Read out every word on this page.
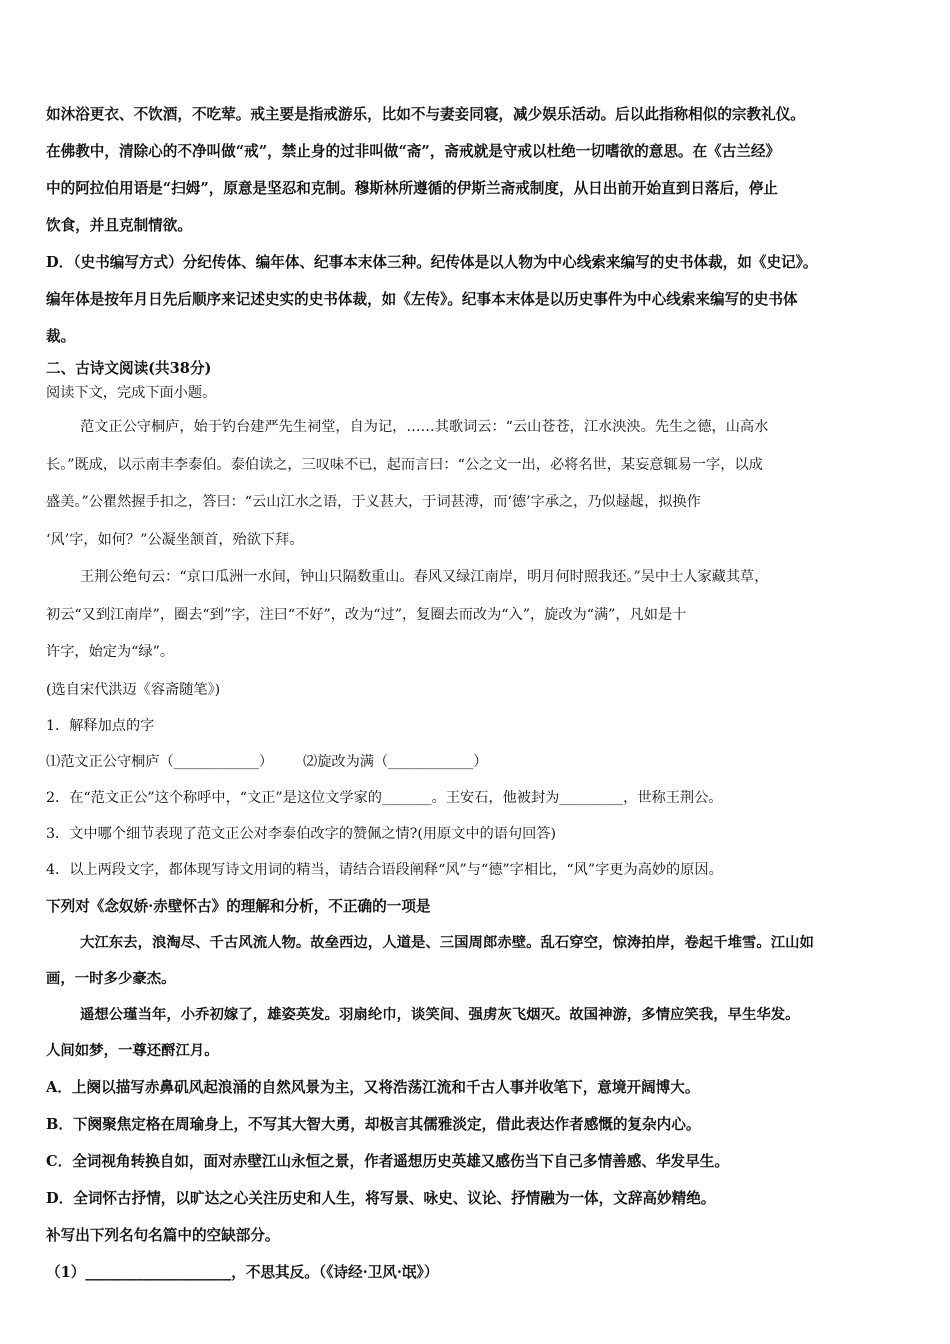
如沐浴更衣、不饮酒，不吃荤。戒主要是指戒游乐，比如不与妻妾同寝，减少娱乐活动。后以此指称相似的宗教礼仪。
在佛教中，清除心的不净叫做“戒”，禁止身的过非叫做“斋”，斋戒就是守戒以杜绝一切嗜欲的意思。在《古兰经》
中的阿拉伯用语是“扫姆”，原意是坚忍和克制。穆斯林所遵循的伊斯兰斋戒制度，从日出前开始直到日落后，停止
饮食，并且克制情欲。
D．（史书编写方式）分纪传体、编年体、纪事本末体三种。纪传体是以人物为中心线索来编写的史书体裁，如《史记》。
编年体是按年月日先后顺序来记述史实的史书体裁，如《左传》。纪事本末体是以历史事件为中心线索来编写的史书体
裁。
二、古诗文阅读(共38分)
阅读下文，完成下面小题。
范文正公守桐庐，始于钓台建严先生祠堂，自为记，……其歌词云：“云山苍苍，江水泱泱。先生之德，山高水
长。”既成，以示南丰李泰伯。泰伯读之，三叹味不已，起而言曰：“公之文一出，必将名世，某妄意辄易一字，以成
盛美。”公瞿然握手扣之，答曰：“云山江水之语，于义甚大，于词甚溥，而‘德’字承之，乃似趢趗，拟换作
‘风’字，如何？”公凝坐颔首，殆欲下拜。
王荆公绝句云：“京口瓜洲一水间，钟山只隔数重山。春风又绿江南岸，明月何时照我还。”吴中士人家藏其草，
初云“又到江南岸”，圈去“到”字，注曰“不好”，改为“过”，复圈去而改为“入”，旋改为“满”，凡如是十
许字，始定为“绿”。
(选自宋代洪迈《容斋随笔》)
1．解释加点的字
⑴范文正公守桐庐（____________） ⑵旋改为满（____________）
2．在“范文正公”这个称呼中，“文正”是这位文学家的_______。王安石，他被封为_________，世称王荆公。
3．文中哪个细节表现了范文正公对李泰伯改字的赞佩之情?(用原文中的语句回答)
4．以上两段文字，都体现写诗文用词的精当，请结合语段阐释“风”与“德”字相比，“风”字更为高妙的原因。
下列对《念奴娇·赤壁怀古》的理解和分析，不正确的一项是
大江东去，浪淘尽、千古风流人物。故垒西边，人道是、三国周郎赤壁。乱石穿空，惊涛拍岸，卷起千堆雪。江山如
画，一时多少豪杰。
遥想公瑾当年，小乔初嫁了，雄姿英发。羽扇纶巾，谈笑间、强虏灰飞烟灭。故国神游，多情应笑我，早生华发。
人间如梦，一尊还酹江月。
A．上阕以描写赤鼻矶风起浪涌的自然风景为主，又将浩荡江流和千古人事并收笔下，意境开阔博大。
B．下阕聚焦定格在周瑜身上，不写其大智大勇，却极言其儒雅淡定，借此表达作者感慨的复杂内心。
C．全词视角转换自如，面对赤壁江山永恒之景，作者遥想历史英雄又感伤当下自己多情善感、华发早生。
D．全词怀古抒情，以旷达之心关注历史和人生，将写景、咏史、议论、抒情融为一体，文辞高妙精绝。
补写出下列名句名篇中的空缺部分。
（1）____________________，不思其反。（《诗经·卫风·氓》）
